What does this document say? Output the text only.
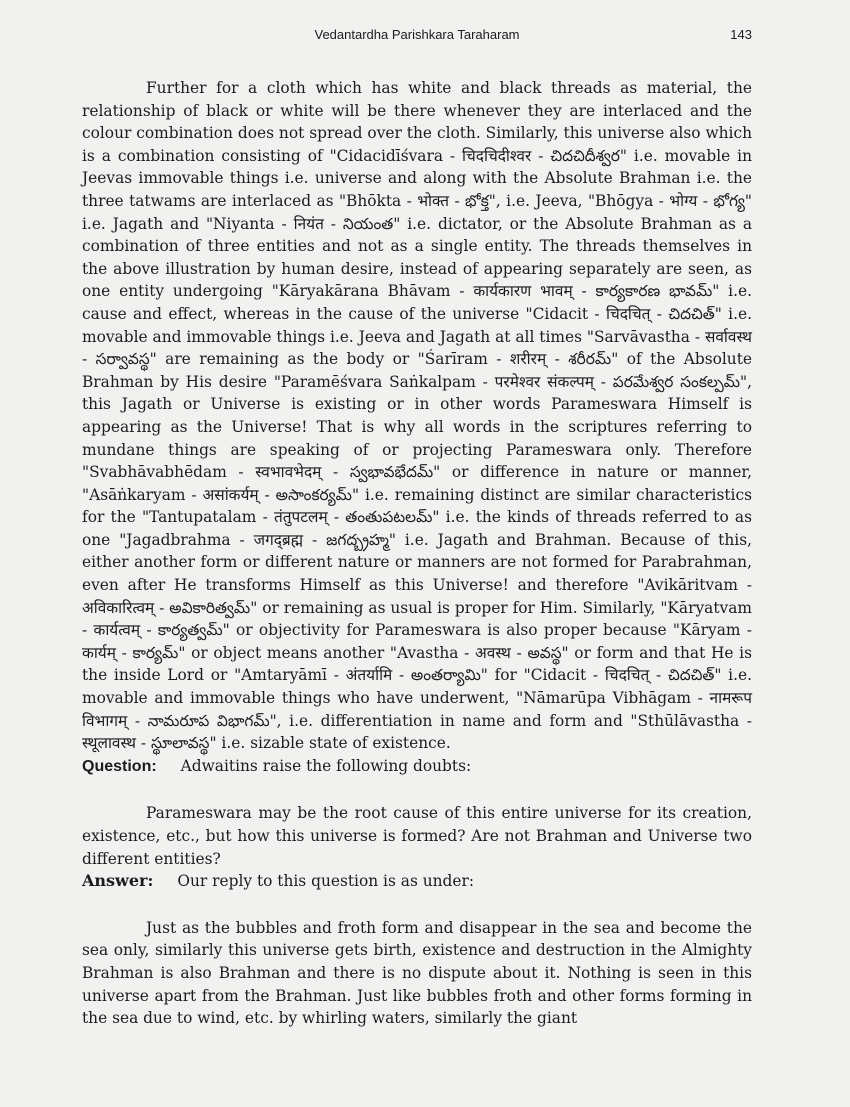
Vedantardha Parishkara Taraharam	143

Further for a cloth which has white and black threads as material, the relationship of black or white will be there whenever they are interlaced and the colour combination does not spread over the cloth. Similarly, this universe also which is a combination consisting of "Cidacidīśvara - चिदचिदीश्वर - చిదచిదీశ్వర" i.e. movable in Jeevas immovable things i.e. universe and along with the Absolute Brahman i.e. the three tatwams are interlaced as "Bhōkta - भोक्त - భోక్త", i.e. Jeeva, "Bhōgya - भोग्य - భోగ్య" i.e. Jagath and "Niyanta - नियंत - నియంత" i.e. dictator, or the Absolute Brahman as a combination of three entities and not as a single entity. The threads themselves in the above illustration by human desire, instead of appearing separately are seen, as one entity undergoing "Kāryakārana Bhāvam - कार्यकारण भावम् - కార్యకారణ భావమ్" i.e. cause and effect, whereas in the cause of the universe "Cidacit - चिदचित् - చిదచిత్" i.e. movable and immovable things i.e. Jeeva and Jagath at all times "Sarvāvastha - सर्वावस्थ - సర్వావస్థ" are remaining as the body or "Śarīram - शरीरम् - శరీరమ్" of the Absolute Brahman by His desire "Paramēśvara Saṅkalpam - परमेश्वर संकल्पम् - పరమేశ్వర సంకల్పమ్", this Jagath or Universe is existing or in other words Parameswara Himself is appearing as the Universe! That is why all words in the scriptures referring to mundane things are speaking of or projecting Parameswara only. Therefore "Svabhāvabhēdam - स्वभावभेदम् - స్వభావభేదమ్" or difference in nature or manner, "Asāṅkaryam - असांकर्यम् - అసాంకర్యమ్" i.e. remaining distinct are similar characteristics for the "Tantupatalam - तंतुपटलम् - తంతుపటలమ్" i.e. the kinds of threads referred to as one "Jagadbrahma - जगद्ब्रह्म - జగద్బ్రహ్మ" i.e. Jagath and Brahman. Because of this, either another form or different nature or manners are not formed for Parabrahman, even after He transforms Himself as this Universe! and therefore "Avikāritvam - अविकारित्वम् - అవికారిత్వమ్" or remaining as usual is proper for Him. Similarly, "Kāryatvam - कार्यत्वम् - కార్యత్వమ్" or objectivity for Parameswara is also proper because "Kāryam - कार्यम् - కార్యమ్" or object means another "Avastha - अवस्थ - అవస్థ" or form and that He is the inside Lord or "Amtaryāmī - अंतर्यामि - అంతర్యామి" for "Cidacit - चिदचित् - చిదచిత్" i.e. movable and immovable things who have underwent, "Nāmarūpa Vibhāgam - नामरूप विभागम् - నామరూప విభాగమ్", i.e. differentiation in name and form and "Sthūlāvastha - स्थूलावस्थ - స్థూలావస్థ" i.e. sizable state of existence.

Question: Adwaitins raise the following doubts:

Parameswara may be the root cause of this entire universe for its creation, existence, etc., but how this universe is formed? Are not Brahman and Universe two different entities?

Answer: Our reply to this question is as under:

Just as the bubbles and froth form and disappear in the sea and become the sea only, similarly this universe gets birth, existence and destruction in the Almighty Brahman is also Brahman and there is no dispute about it. Nothing is seen in this universe apart from the Brahman. Just like bubbles froth and other forms forming in the sea due to wind, etc. by whirling waters, similarly the giant
